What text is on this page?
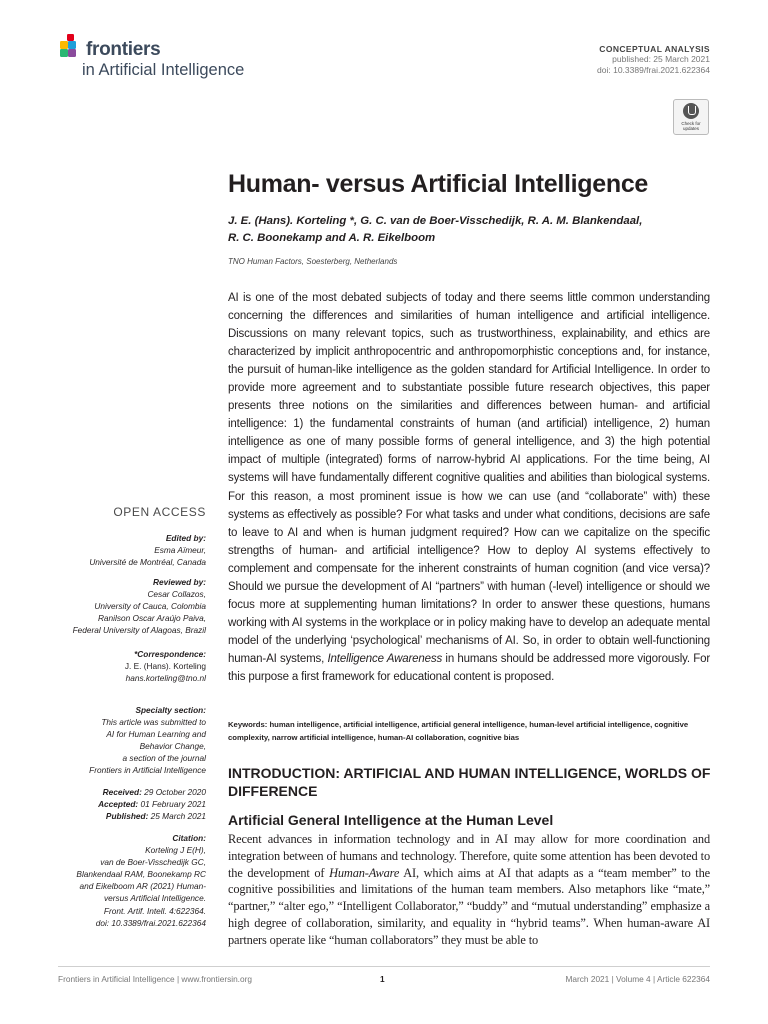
frontiers
in Artificial Intelligence
CONCEPTUAL ANALYSIS
published: 25 March 2021
doi: 10.3389/frai.2021.622364
Check for updates
Human- versus Artificial Intelligence
J. E. (Hans). Korteling *, G. C. van de Boer-Visschedijk, R. A. M. Blankendaal,
R. C. Boonekamp and A. R. Eikelboom
TNO Human Factors, Soesterberg, Netherlands
AI is one of the most debated subjects of today and there seems little common understanding concerning the differences and similarities of human intelligence and artificial intelligence. Discussions on many relevant topics, such as trustworthiness, explainability, and ethics are characterized by implicit anthropocentric and anthropomorphistic conceptions and, for instance, the pursuit of human-like intelligence as the golden standard for Artificial Intelligence. In order to provide more agreement and to substantiate possible future research objectives, this paper presents three notions on the similarities and differences between human- and artificial intelligence: 1) the fundamental constraints of human (and artificial) intelligence, 2) human intelligence as one of many possible forms of general intelligence, and 3) the high potential impact of multiple (integrated) forms of narrow-hybrid AI applications. For the time being, AI systems will have fundamentally different cognitive qualities and abilities than biological systems. For this reason, a most prominent issue is how we can use (and “collaborate” with) these systems as effectively as possible? For what tasks and under what conditions, decisions are safe to leave to AI and when is human judgment required? How can we capitalize on the specific strengths of human- and artificial intelligence? How to deploy AI systems effectively to complement and compensate for the inherent constraints of human cognition (and vice versa)? Should we pursue the development of AI “partners” with human (-level) intelligence or should we focus more at supplementing human limitations? In order to answer these questions, humans working with AI systems in the workplace or in policy making have to develop an adequate mental model of the underlying ‘psychological’ mechanisms of AI. So, in order to obtain well-functioning human-AI systems, Intelligence Awareness in humans should be addressed more vigorously. For this purpose a first framework for educational content is proposed.
Keywords: human intelligence, artificial intelligence, artificial general intelligence, human-level artificial intelligence, cognitive complexity, narrow artificial intelligence, human-AI collaboration, cognitive bias
OPEN ACCESS
Edited by:
Esma Aïmeur,
Université de Montréal, Canada
Reviewed by:
Cesar Collazos,
University of Cauca, Colombia
Ranilson Oscar Araújo Paiva,
Federal University of Alagoas, Brazil
*Correspondence:
J. E. (Hans). Korteling
hans.korteling@tno.nl
Specialty section:
This article was submitted to
AI for Human Learning and
Behavior Change,
a section of the journal
Frontiers in Artificial Intelligence
Received: 29 October 2020
Accepted: 01 February 2021
Published: 25 March 2021
Citation:
Korteling J E(H),
van de Boer-Visschedijk GC,
Blankendaal RAM, Boonekamp RC
and Eikelboom AR (2021) Human-
versus Artificial Intelligence.
Front. Artif. Intell. 4:622364.
doi: 10.3389/frai.2021.622364
INTRODUCTION: ARTIFICIAL AND HUMAN INTELLIGENCE, WORLDS OF DIFFERENCE
Artificial General Intelligence at the Human Level
Recent advances in information technology and in AI may allow for more coordination and integration between of humans and technology. Therefore, quite some attention has been devoted to the development of Human-Aware AI, which aims at AI that adapts as a “team member” to the cognitive possibilities and limitations of the human team members. Also metaphors like “mate,” “partner,” “alter ego,” “Intelligent Collaborator,” “buddy” and “mutual understanding” emphasize a high degree of collaboration, similarity, and equality in “hybrid teams”. When human-aware AI partners operate like “human collaborators” they must be able to
Frontiers in Artificial Intelligence | www.frontiersin.org	1	March 2021 | Volume 4 | Article 622364
